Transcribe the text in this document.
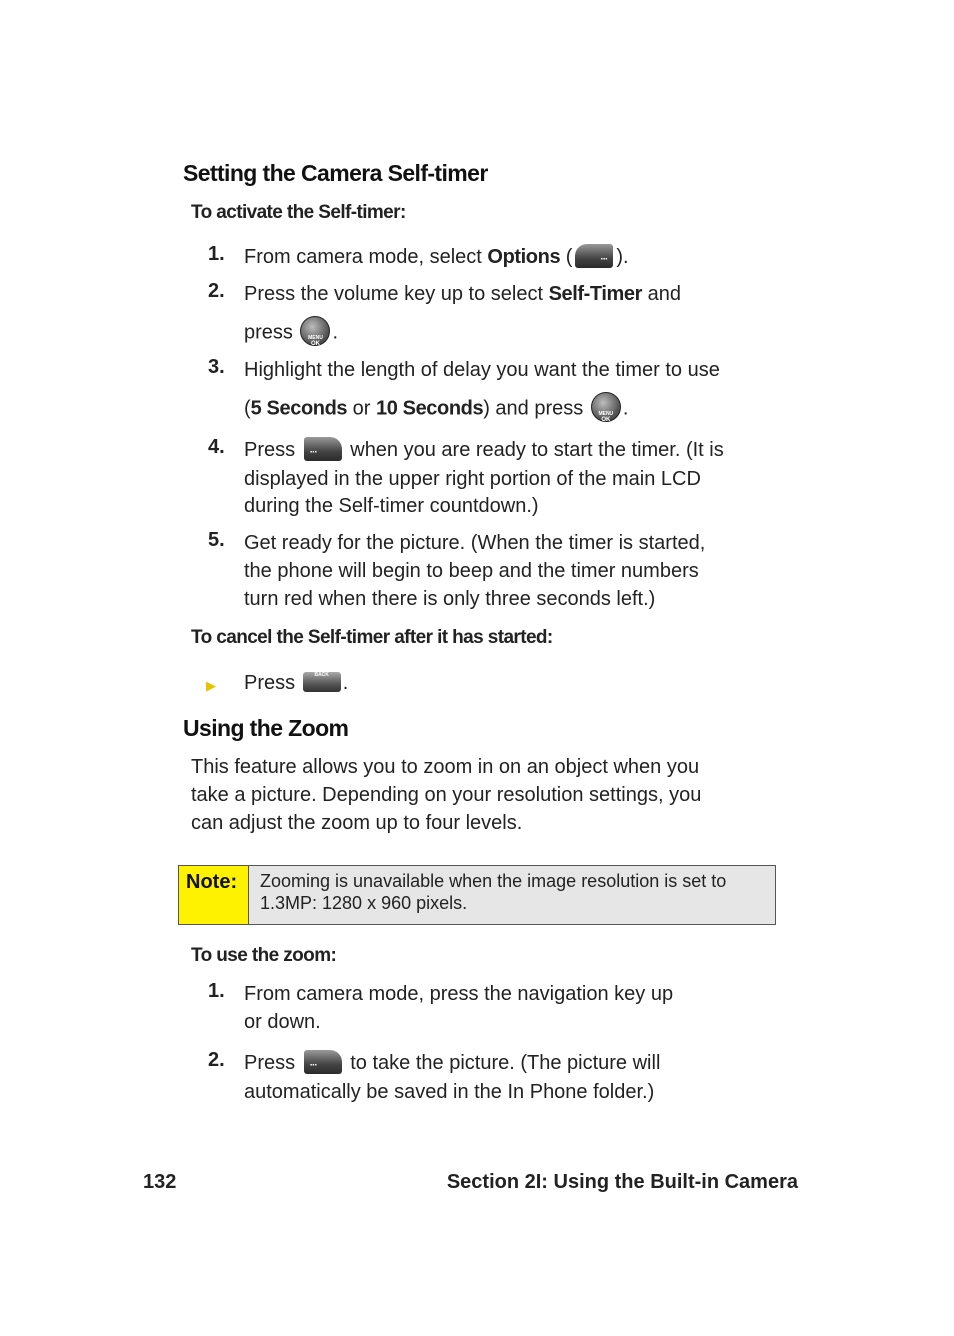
Setting the Camera Self-timer
To activate the Self-timer:
1. From camera mode, select Options (	··· ).
2. Press the volume key up to select Self-Timer and
press	MENU
OK
.
3. Highlight the length of delay you want the timer to use
(5 Seconds or 10 Seconds) and press	MENU
OK
.
4. Press ··· when you are ready to start the timer. (It is
displayed in the upper right portion of the main LCD
during the Self-timer countdown.)
5. Get ready for the picture. (When the timer is started,
the phone will begin to beep and the timer numbers
turn red when there is only three seconds left.)
To cancel the Self-timer after it has started:
▶ Press	BACK .
Using the Zoom
This feature allows you to zoom in on an object when you
take a picture. Depending on your resolution settings, you
can adjust the zoom up to four levels.
Note:	Zooming is unavailable when the image resolution is set to
1.3MP: 1280 x 960 pixels.
To use the zoom:
1. From camera mode, press the navigation key up
or down.
2. Press ··· to take the picture. (The picture will
automatically be saved in the In Phone folder.)
132	Section 2I: Using the Built-in Camera
